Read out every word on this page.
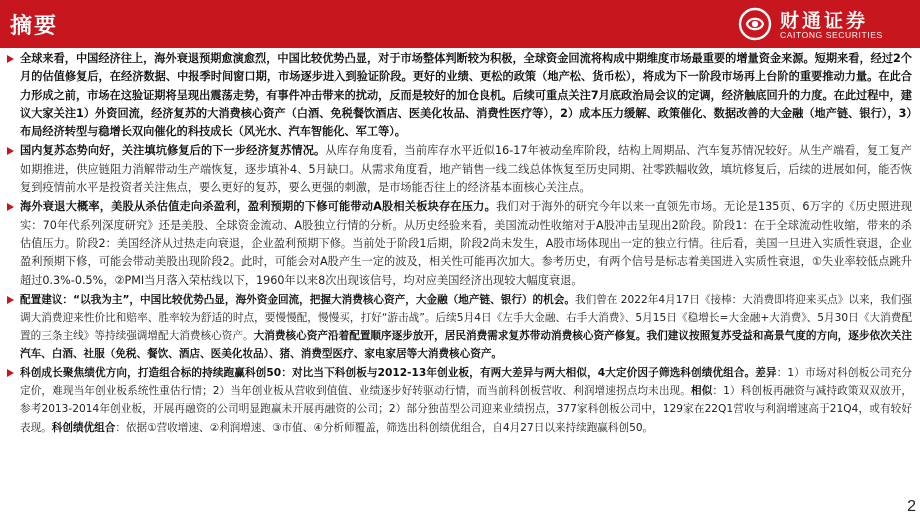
摘要	财通证券
CAITONG SECURITIES
全球来看，中国经济往上，海外衰退预期愈演愈烈，中国比较优势凸显，对于市场整体判断较为积极，全球资金回流将构成中期维度市场最重要的增量资金来源。短期来看，经过2个月的估值修复后，在经济数据、中报季时间窗口期，市场逐步进入到验证阶段。更好的业绩、更松的政策（地产松、货币松），将成为下一阶段市场再上台阶的重要推动力量。在此合力形成之前，市场在这验证期将呈现出震荡走势，有事件冲击带来的扰动，反而是较好的加仓良机。后续可重点关注7月底政治局会议的定调，经济触底回升的力度。在此过程中，建议大家关注1）外资回流，经济复苏的大消费核心资产（白酒、免税餐饮酒店、医美化妆品、消费性医疗等），2）成本压力缓解、政策催化、数据改善的大金融（地产链、银行），3）布局经济转型与稳增长双向催化的科技成长（风光水、汽车智能化、军工等）。
国内复苏态势向好，关注填坑修复后的下一步经济复苏情况。从库存角度看，当前库存水平近似16-17年被动垒库阶段，结构上周期品、汽车复苏情况较好。从生产端看，复工复产如期推进，供应链阻力消解带动生产端恢复，逐步填补4、5月缺口。从需求角度看，地产销售一线二线总体恢复至历史同期、社零跌幅收敛，填坑修复后，后续的进展如何，能否恢复到疫情前水平是投资者关注焦点，要么更好的复苏，要么更强的刺激，是市场能否往上的经济基本面核心关注点。
海外衰退大概率，美股从杀估值走向杀盈利，盈利预期的下修可能带动A股相关板块存在压力。我们对于海外的研究今年以来一直领先市场。无论是135页、6万字的《历史照进现实：70年代系列深度研究》还是美股、全球资金流动、A股独立行情的分析。从历史经验来看，美国流动性收缩对于A股冲击呈现出2阶段。阶段1：在于全球流动性收缩，带来的杀估值压力。阶段2：美国经济从过热走向衰退，企业盈利预期下修。当前处于阶段1后期，阶段2尚未发生，A股市场体现出一定的独立行情。往后看，美国一旦进入实质性衰退，企业盈利预期下修，可能会带动美股出现阶段2。此时，可能会对A股产生一定的波及，相关性可能再次加大。参考历史，有两个信号是标志着美国进入实质性衰退，①失业率较低点跳升超过0.3%-0.5%，②PMI当月落入荣枯线以下，1960年以来8次出现该信号，均对应美国经济出现较大幅度衰退。
配置建议：“以我为主”，中国比较优势凸显，海外资金回流，把握大消费核心资产，大金融（地产链、银行）的机会。我们曾在 2022年4月17日《接棒：大消费即将迎来买点》以来，我们强调大消费迎来性价比和赔率、胜率较为舒适的时点，要慢慢配，慢慢买，打好“游击战”。后续5月4日《左手大金融、右手大消费》、5月15日《稳增长=大金融+大消费》、5月30日《大消费配置的三条主线》等持续强调增配大消费核心资产。大消费核心资产沿着配置顺序逐步放开，居民消费需求复苏带动消费核心资产修复。我们建议按照复苏受益和高景气度的方向，逐步依次关注汽车、白酒、社服（免税、餐饮、酒店、医美化妆品）、猪、消费型医疗、家电家居等大消费核心资产。
科创成长聚焦绩优方向，打造组合标的持续跑赢科创50：对比当下科创板与2012-13年创业板，有两大差异与两大相似，4大定价因子筛选科创绩优组合。差异：1）市场对科创板公司充分定价，难现当年创业板系统性重估行情；2）当年创业板从营收到值值、业绩逐步好转驱动行情，而当前科创板营收、利润增速拐点均未出现。相似：1）科创板再融资与减持政策双双放开，参考2013-2014年创业板，开展再融资的公司明显跑赢未开展再融资的公司；2）部分独苗型公司迎来业绩拐点，377家科创板公司中，129家在22Q1营收与利润增速高于21Q4，或有较好表现。科创绩优组合：依据①营收增速、②利润增速、③市值、④分析师覆盖，筛选出科创绩优组合，自4月27日以来持续跑赢科创50。
2
